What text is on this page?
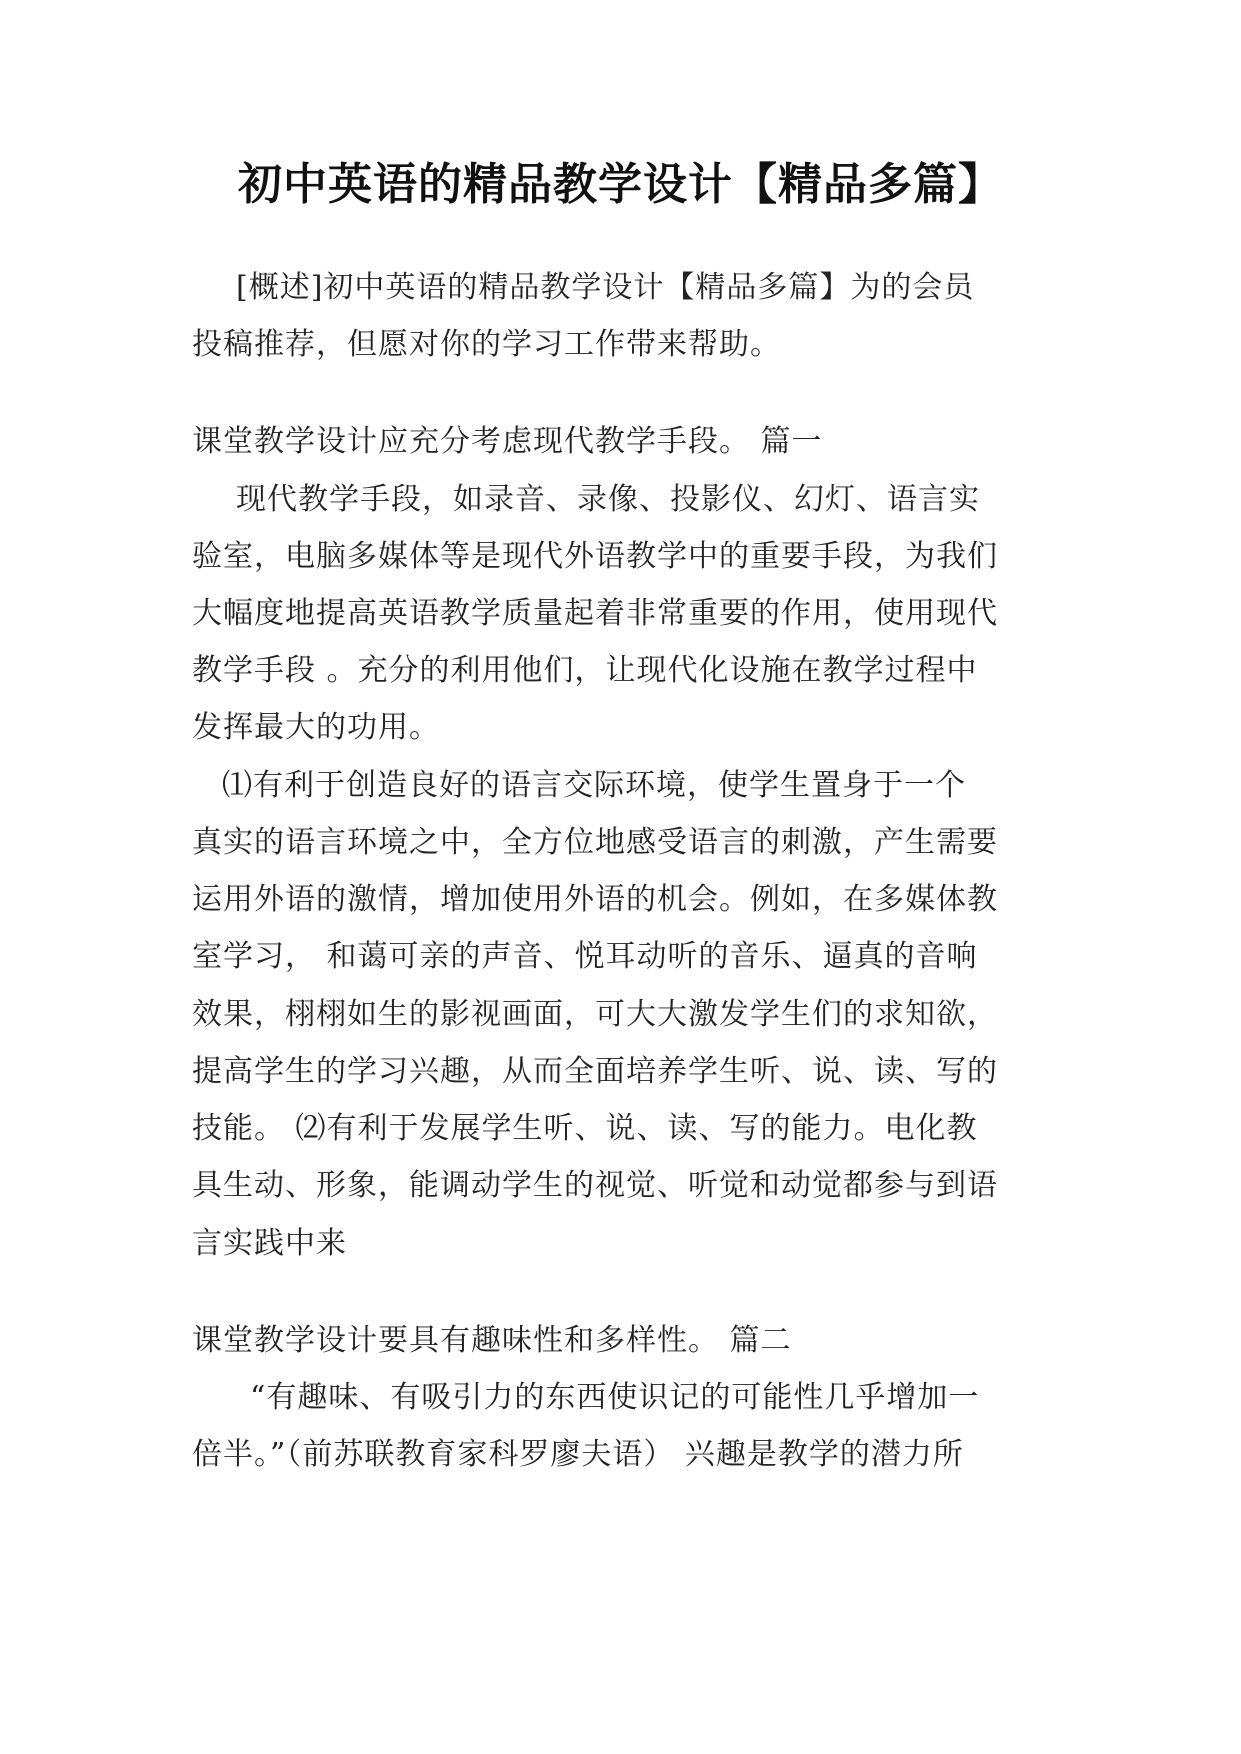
初中英语的精品教学设计【精品多篇】
[概述]初中英语的精品教学设计【精品多篇】为的会员
投稿推荐，但愿对你的学习工作带来帮助。
课堂教学设计应充分考虑现代教学手段。 篇一
现代教学手段，如录音、录像、投影仪、幻灯、语言实
验室，电脑多媒体等是现代外语教学中的重要手段，为我们
大幅度地提高英语教学质量起着非常重要的作用，使用现代
教学手段 。充分的利用他们，让现代化设施在教学过程中
发挥最大的功用。
⑴有利于创造良好的语言交际环境，使学生置身于一个
真实的语言环境之中，全方位地感受语言的刺激，产生需要
运用外语的激情，增加使用外语的机会。例如，在多媒体教
室学习， 和蔼可亲的声音、悦耳动听的音乐、逼真的音响
效果，栩栩如生的影视画面，可大大激发学生们的求知欲，
提高学生的学习兴趣，从而全面培养学生听、说、读、写的
技能。 ⑵有利于发展学生听、说、读、写的能力。电化教
具生动、形象，能调动学生的视觉、听觉和动觉都参与到语
言实践中来
课堂教学设计要具有趣味性和多样性。 篇二
“有趣味、有吸引力的东西使识记的可能性几乎增加一
倍半。”（前苏联教育家科罗廖夫语） 兴趣是教学的潜力所
